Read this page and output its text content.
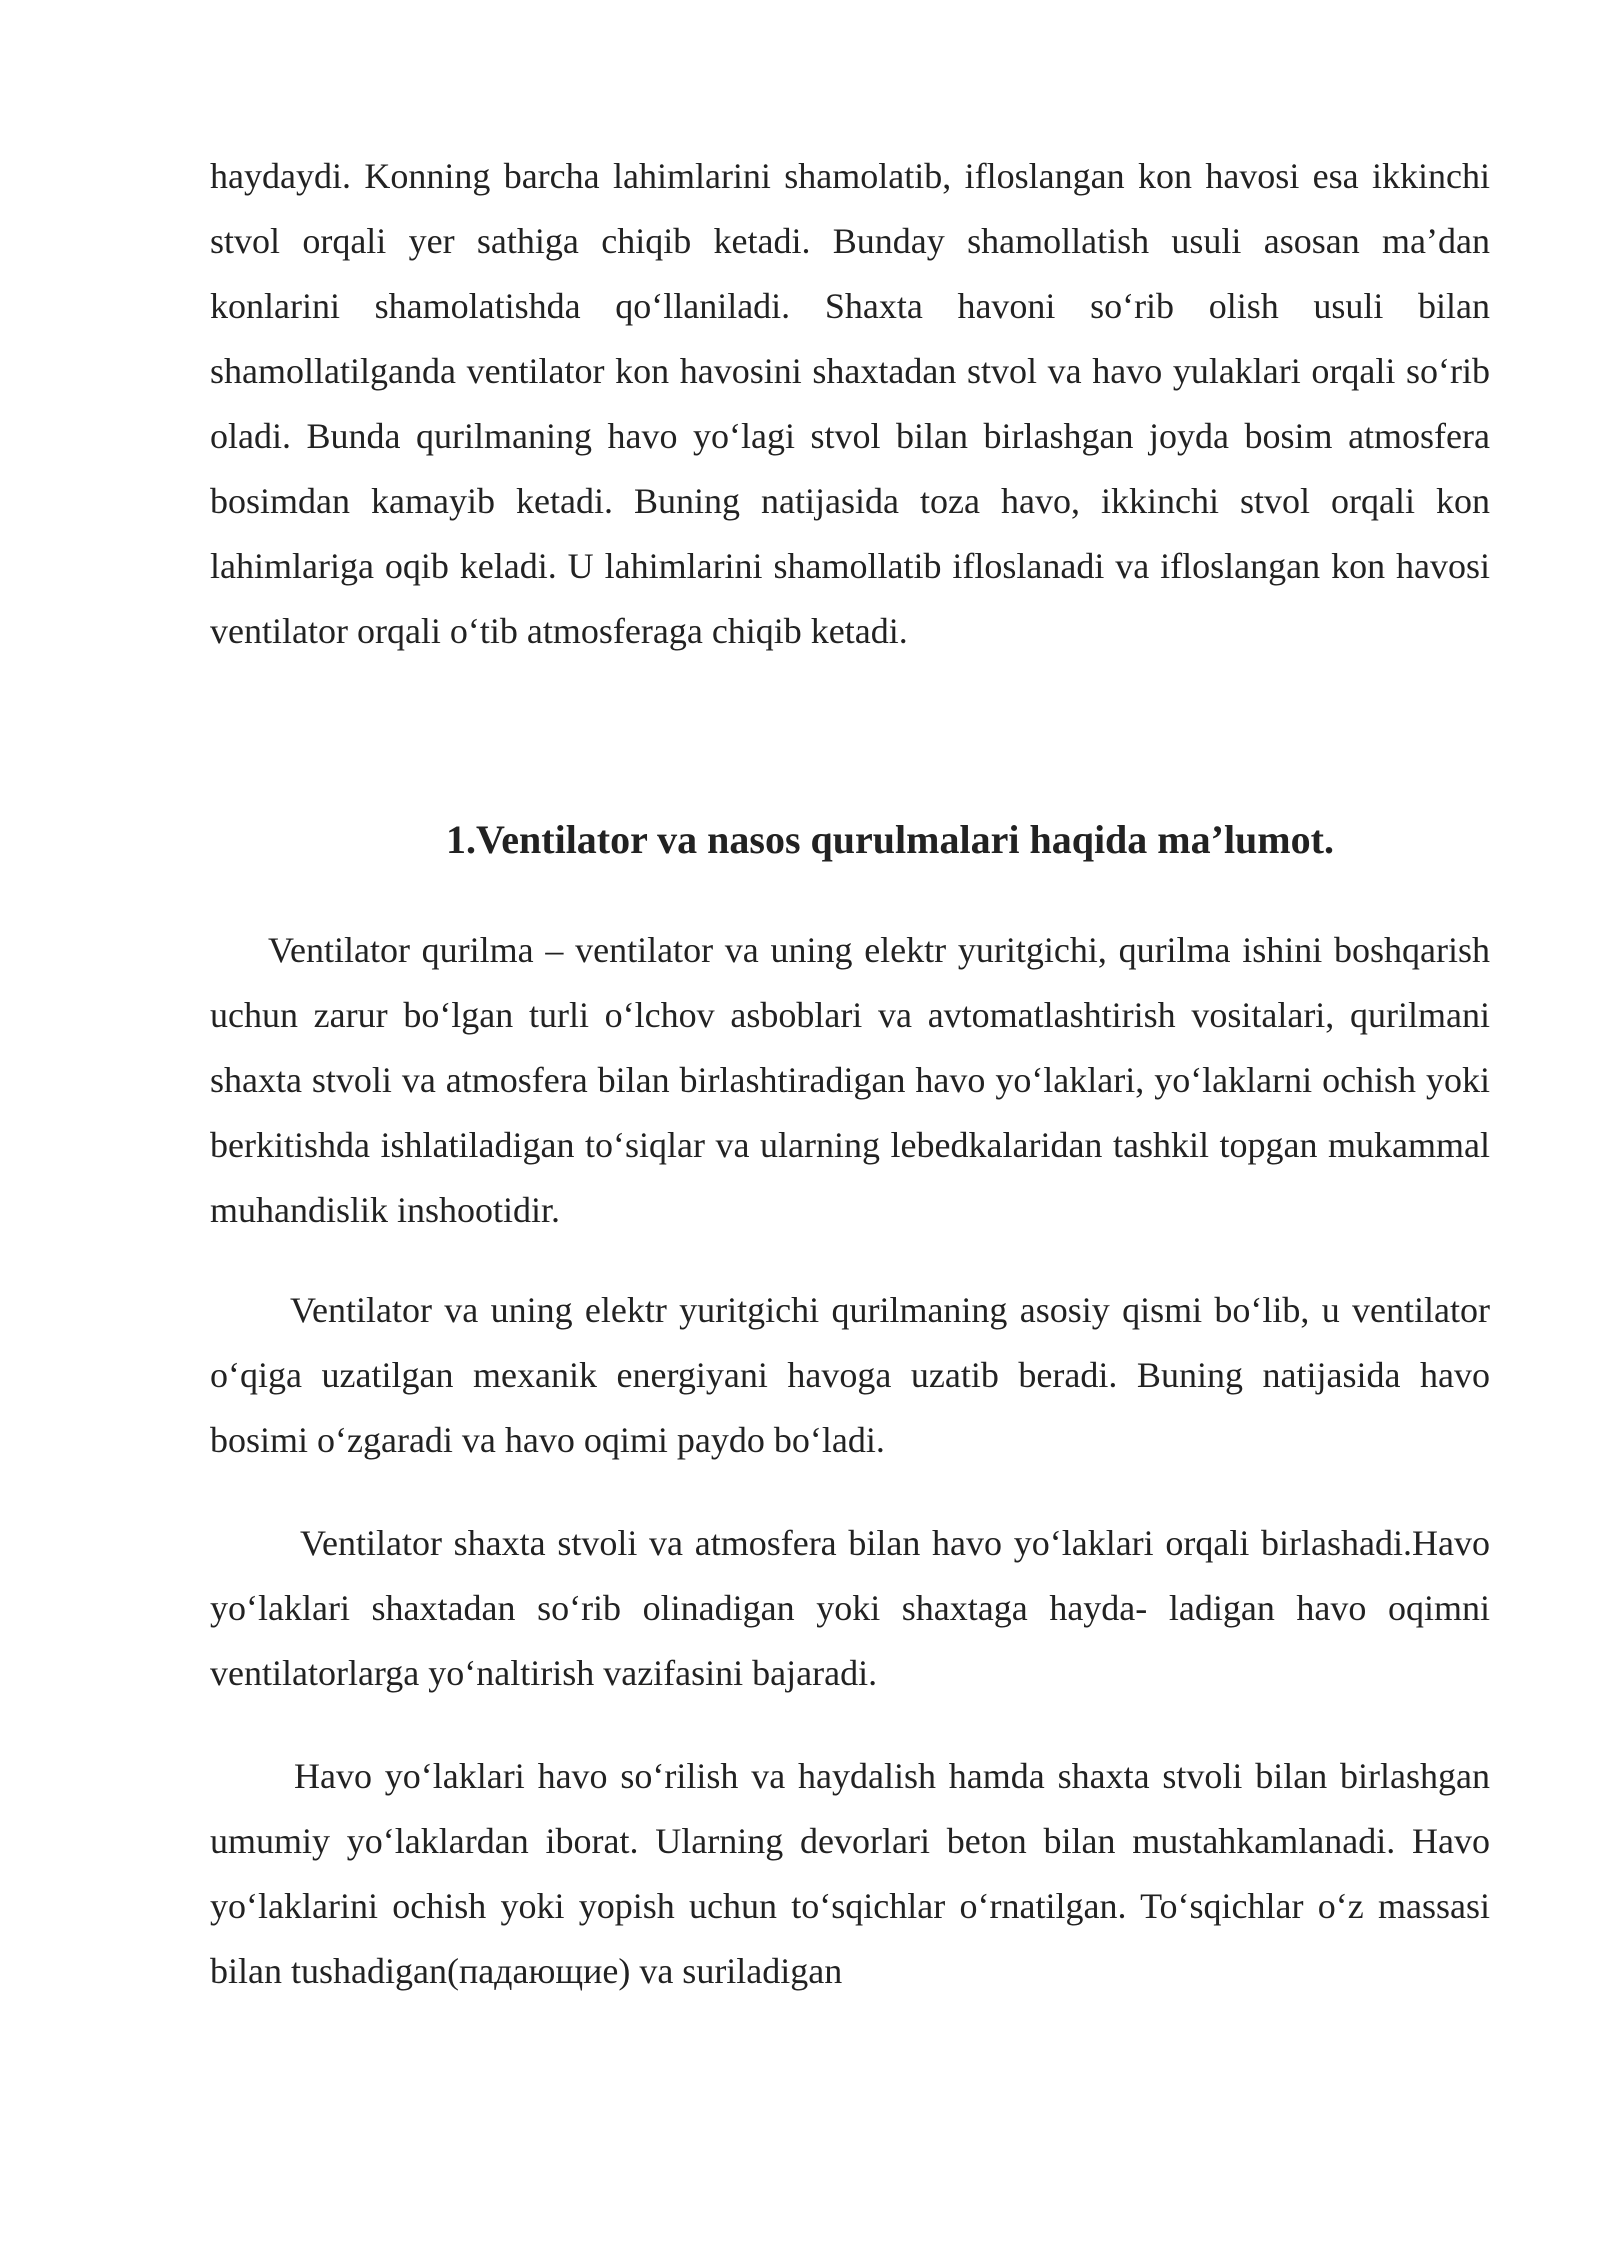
haydaydi. Konning barcha lahimlarini shamolatib, ifloslangan kon havosi esa ikkinchi stvol orqali yer sathiga chiqib ketadi. Bunday shamollatish usuli asosan ma’dan konlarini shamolatishda qo‘llaniladi. Shaxta havoni so‘rib olish usuli bilan shamollatilganda ventilator kon havosini shaxtadan stvol va havo yulaklari orqali so‘rib oladi. Bunda qurilmaning havo yo‘lagi stvol bilan birlashgan joyda bosim atmosfera bosimdan kamayib ketadi. Buning natijasida toza havo, ikkinchi stvol orqali kon lahimlariga oqib keladi. U lahimlarini shamollatib ifloslanadi va ifloslangan kon havosi ventilator orqali o‘tib atmosferaga chiqib ketadi.

1.Ventilator va nasos qurulmalari haqida ma’lumot.

Ventilator qurilma – ventilator va uning elektr yuritgichi, qurilma ishini boshqarish uchun zarur bo‘lgan turli o‘lchov asboblari va avtomatlashtirish vositalari, qurilmani shaxta stvoli va atmosfera bilan birlashtiradigan havo yo‘laklari, yo‘laklarni ochish yoki berkitishda ishlatiladigan to‘siqlar va ularning lebedkalaridan tashkil topgan mukammal muhandislik inshootidir.

Ventilator va uning elektr yuritgichi qurilmaning asosiy qismi bo‘lib, u ventilator o‘qiga uzatilgan mexanik energiyani havoga uzatib beradi. Buning natijasida havo bosimi o‘zgaradi va havo oqimi paydo bo‘ladi.

Ventilator shaxta stvoli va atmosfera bilan havo yo‘laklari orqali birlashadi.Havo yo‘laklari shaxtadan so‘rib olinadigan yoki shaxtaga hayda- ladigan havo oqimni ventilatorlarga yo‘naltirish vazifasini bajaradi.

Havo yo‘laklari havo so‘rilish va haydalish hamda shaxta stvoli bilan birlashgan umumiy yo‘laklardan iborat. Ularning devorlari beton bilan mustahkamlanadi. Havo yo‘laklarini ochish yoki yopish uchun to‘sqichlar o‘rnatilgan. To‘sqichlar o‘z massasi bilan tushadigan(падающие) va suriladigan
